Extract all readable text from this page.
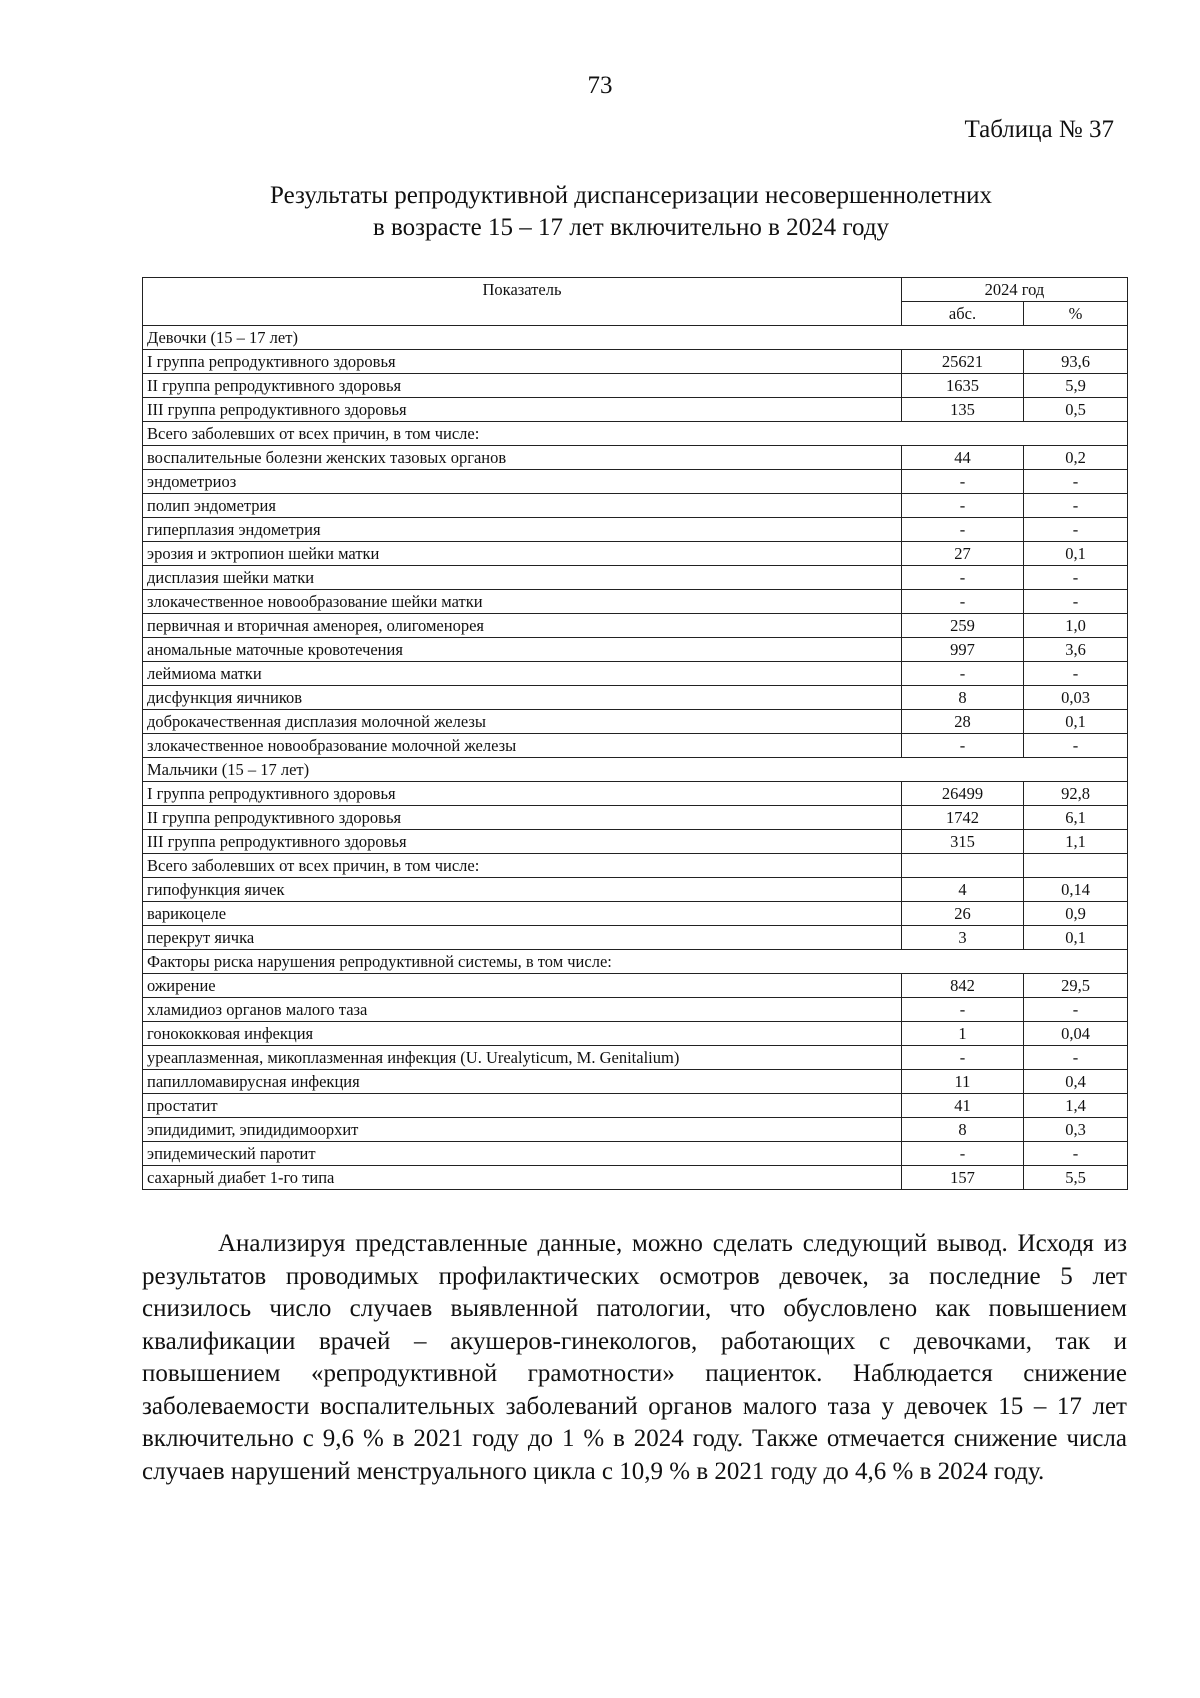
73
Таблица № 37
Результаты репродуктивной диспансеризации несовершеннолетних
в возрасте 15 – 17 лет включительно в 2024 году
Показатель	2024 год	
	абс.	%
Девочки (15 – 17 лет)		
I группа репродуктивного здоровья	25621	93,6
II группа репродуктивного здоровья	1635	5,9
III группа репродуктивного здоровья	135	0,5
Всего заболевших от всех причин, в том числе:		
воспалительные болезни женских тазовых органов	44	0,2
эндометриоз	-	-
полип эндометрия	-	-
гиперплазия эндометрия	-	-
эрозия и эктропион шейки матки	27	0,1
дисплазия шейки матки	-	-
злокачественное новообразование шейки матки	-	-
первичная и вторичная аменорея, олигоменорея	259	1,0
аномальные маточные кровотечения	997	3,6
леймиома матки	-	-
дисфункция яичников	8	0,03
доброкачественная дисплазия молочной железы	28	0,1
злокачественное новообразование молочной железы	-	-
Мальчики (15 – 17 лет)		
I группа репродуктивного здоровья	26499	92,8
II группа репродуктивного здоровья	1742	6,1
III группа репродуктивного здоровья	315	1,1
Всего заболевших от всех причин, в том числе:		
гипофункция яичек	4	0,14
варикоцеле	26	0,9
перекрут яичка	3	0,1
Факторы риска нарушения репродуктивной системы, в том числе:		
ожирение	842	29,5
хламидиоз органов малого таза	-	-
гонококковая инфекция	1	0,04
уреаплазменная, микоплазменная инфекция (U. Urealyticum, M. Genitalium)	-	-
папилломавирусная инфекция	11	0,4
простатит	41	1,4
эпидидимит, эпидидимоорхит	8	0,3
эпидемический паротит	-	-
сахарный диабет 1-го типа	157	5,5

Анализируя представленные данные, можно сделать следующий вывод. Исходя из результатов проводимых профилактических осмотров девочек, за последние 5 лет снизилось число случаев выявленной патологии, что обусловлено как повышением квалификации врачей – акушеров-гинекологов, работающих с девочками, так и повышением «репродуктивной грамотности» пациенток. Наблюдается снижение заболеваемости воспалительных заболеваний органов малого таза у девочек 15 – 17 лет включительно с 9,6 % в 2021 году до 1 % в 2024 году. Также отмечается снижение числа случаев нарушений менструального цикла с 10,9 % в 2021 году до 4,6 % в 2024 году.
